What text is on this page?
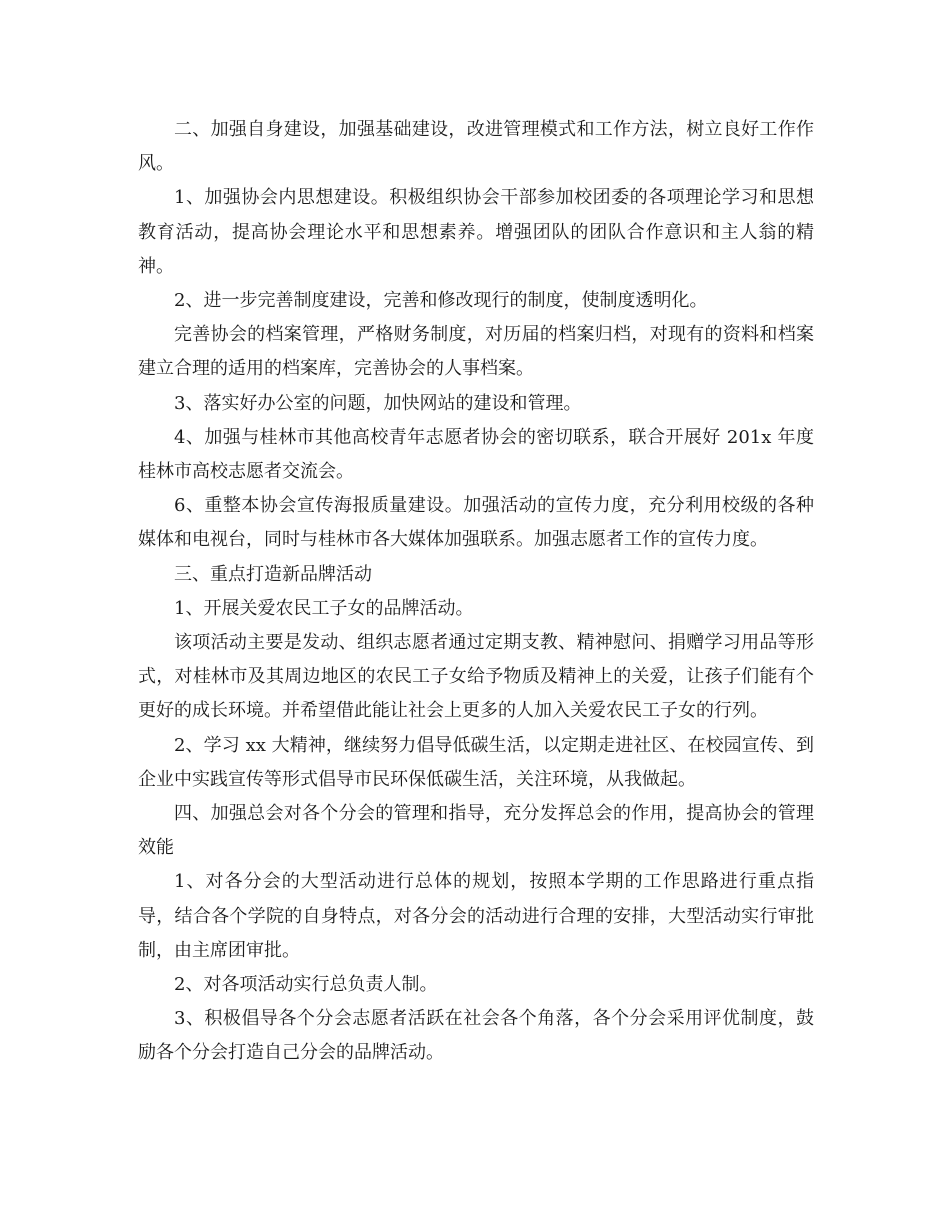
二、加强自身建设，加强基础建设，改进管理模式和工作方法，树立良好工作作风。

1、加强协会内思想建设。积极组织协会干部参加校团委的各项理论学习和思想教育活动，提高协会理论水平和思想素养。增强团队的团队合作意识和主人翁的精神。

2、进一步完善制度建设，完善和修改现行的制度，使制度透明化。

完善协会的档案管理，严格财务制度，对历届的档案归档，对现有的资料和档案建立合理的适用的档案库，完善协会的人事档案。

3、落实好办公室的问题，加快网站的建设和管理。

4、加强与桂林市其他高校青年志愿者协会的密切联系，联合开展好 201x 年度桂林市高校志愿者交流会。

6、重整本协会宣传海报质量建设。加强活动的宣传力度，充分利用校级的各种媒体和电视台，同时与桂林市各大媒体加强联系。加强志愿者工作的宣传力度。

三、重点打造新品牌活动

1、开展关爱农民工子女的品牌活动。

该项活动主要是发动、组织志愿者通过定期支教、精神慰问、捐赠学习用品等形式，对桂林市及其周边地区的农民工子女给予物质及精神上的关爱，让孩子们能有个更好的成长环境。并希望借此能让社会上更多的人加入关爱农民工子女的行列。

2、学习 xx 大精神，继续努力倡导低碳生活，以定期走进社区、在校园宣传、到企业中实践宣传等形式倡导市民环保低碳生活，关注环境，从我做起。

四、加强总会对各个分会的管理和指导，充分发挥总会的作用，提高协会的管理效能

1、对各分会的大型活动进行总体的规划，按照本学期的工作思路进行重点指导，结合各个学院的自身特点，对各分会的活动进行合理的安排，大型活动实行审批制，由主席团审批。

2、对各项活动实行总负责人制。

3、积极倡导各个分会志愿者活跃在社会各个角落，各个分会采用评优制度，鼓励各个分会打造自己分会的品牌活动。
